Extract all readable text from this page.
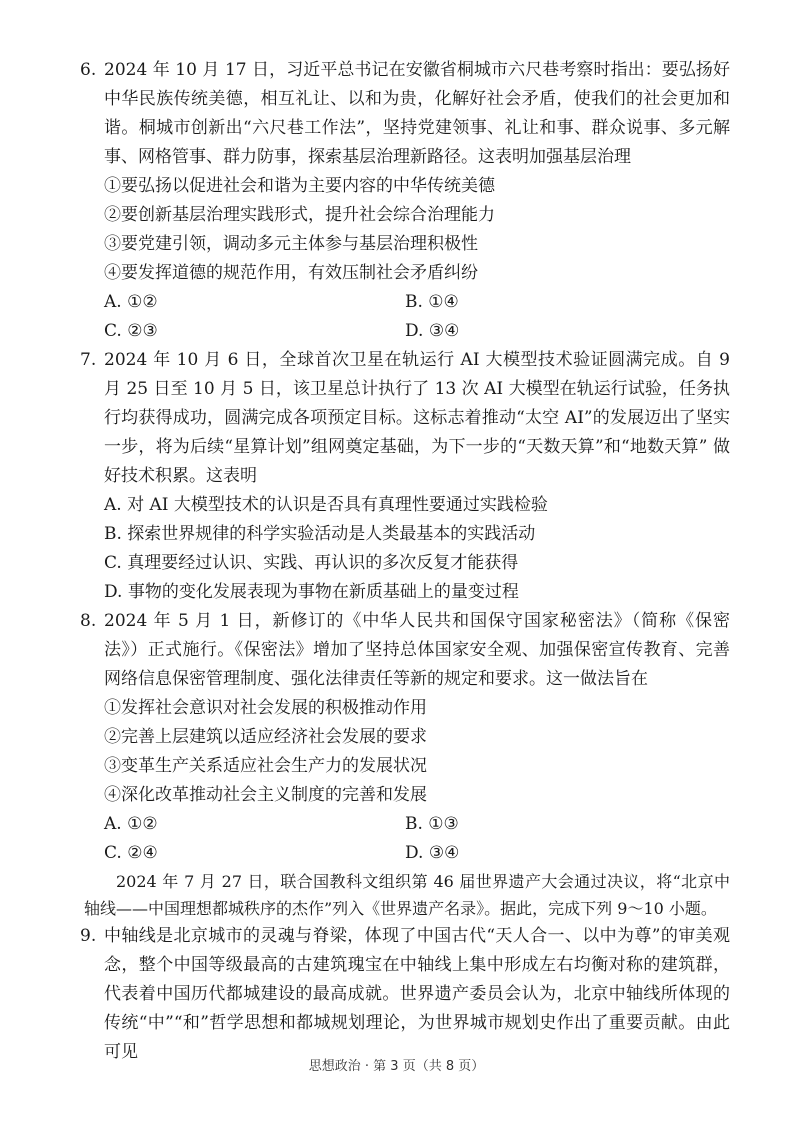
6. 2024 年 10 月 17 日，习近平总书记在安徽省桐城市六尺巷考察时指出：要弘扬好中华民族传统美德，相互礼让、以和为贵，化解好社会矛盾，使我们的社会更加和谐。桐城市创新出“六尺巷工作法”，坚持党建领事、礼让和事、群众说事、多元解事、网格管事、群力防事，探索基层治理新路径。这表明加强基层治理

①要弘扬以促进社会和谐为主要内容的中华传统美德

②要创新基层治理实践形式，提升社会综合治理能力

③要党建引领，调动多元主体参与基层治理积极性

④要发挥道德的规范作用，有效压制社会矛盾纠纷

A. ①②	B. ①④
C. ②③	D. ③④
7. 2024 年 10 月 6 日，全球首次卫星在轨运行 AI 大模型技术验证圆满完成。自 9 月 25 日至 10 月 5 日，该卫星总计执行了 13 次 AI 大模型在轨运行试验，任务执行均获得成功，圆满完成各项预定目标。这标志着推动“太空 AI”的发展迈出了坚实一步，将为后续“星算计划”组网奠定基础，为下一步的“天数天算”和“地数天算” 做好技术积累。这表明
A. 对 AI 大模型技术的认识是否具有真理性要通过实践检验
B. 探索世界规律的科学实验活动是人类最基本的实践活动
C. 真理要经过认识、实践、再认识的多次反复才能获得
D. 事物的变化发展表现为事物在新质基础上的量变过程
8. 2024 年 5 月 1 日，新修订的《中华人民共和国保守国家秘密法》（简称《保密法》）正式施行。《保密法》增加了坚持总体国家安全观、加强保密宣传教育、完善网络信息保密管理制度、强化法律责任等新的规定和要求。这一做法旨在

①发挥社会意识对社会发展的积极推动作用

②完善上层建筑以适应经济社会发展的要求

③变革生产关系适应社会生产力的发展状况

④深化改革推动社会主义制度的完善和发展

A. ①②	B. ①③
C. ②④	D. ③④

2024 年 7 月 27 日，联合国教科文组织第 46 届世界遗产大会通过决议，将“北京中轴线——中国理想都城秩序的杰作”列入《世界遗产名录》。据此，完成下列 9～10 小题。

9. 中轴线是北京城市的灵魂与脊梁，体现了中国古代“天人合一、以中为尊”的审美观念，整个中国等级最高的古建筑瑰宝在中轴线上集中形成左右均衡对称的建筑群，代表着中国历代都城建设的最高成就。世界遗产委员会认为，北京中轴线所体现的传统“中”“和”哲学思想和都城规划理论，为世界城市规划史作出了重要贡献。由此可见
思想政治 · 第 3 页（共 8 页）
